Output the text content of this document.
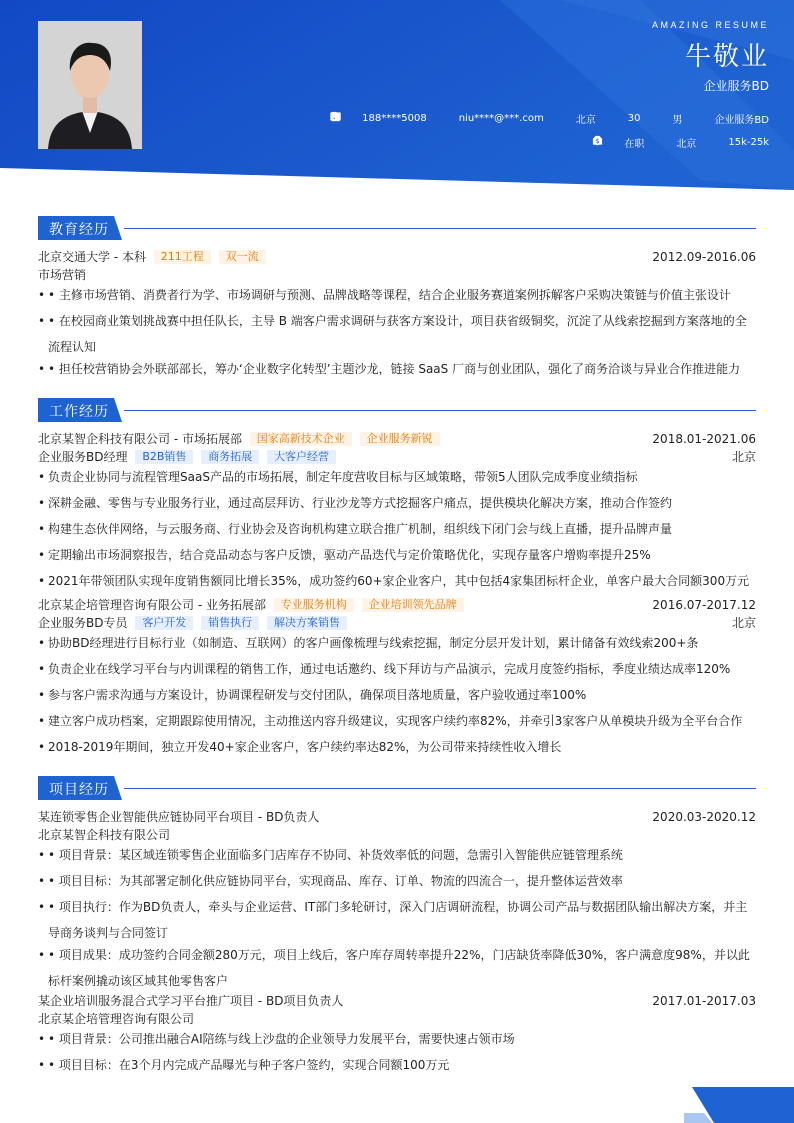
AMAZING RESUME
牛敬业
企业服务BD
188****5008	niu****@***.com	北京	30	男	企业服务BD
在职	北京
$	15k-25k
教育经历
北京交通大学 - 本科 211工程 双一流	2012.09-2016.06
市场营销
• • 主修市场营销、消费者行为学、市场调研与预测、品牌战略等课程，结合企业服务赛道案例拆解客户采购决策链与价值主张设计
• • 在校园商业策划挑战赛中担任队长，主导 B 端客户需求调研与获客方案设计，项目获省级铜奖，沉淀了从线索挖掘到方案落地的全流程认知
• • 担任校营销协会外联部部长，筹办‘企业数字化转型’主题沙龙，链接 SaaS 厂商与创业团队，强化了商务洽谈与异业合作推进能力
工作经历
北京某智企科技有限公司 - 市场拓展部 国家高新技术企业 企业服务新锐	2018.01-2021.06
企业服务BD经理 B2B销售 商务拓展 大客户经营	北京
• 负责企业协同与流程管理SaaS产品的市场拓展，制定年度营收目标与区域策略，带领5人团队完成季度业绩指标
• 深耕金融、零售与专业服务行业，通过高层拜访、行业沙龙等方式挖掘客户痛点，提供模块化解决方案，推动合作签约
• 构建生态伙伴网络，与云服务商、行业协会及咨询机构建立联合推广机制，组织线下闭门会与线上直播，提升品牌声量
• 定期输出市场洞察报告，结合竞品动态与客户反馈，驱动产品迭代与定价策略优化，实现存量客户增购率提升25%
• 2021年带领团队实现年度销售额同比增长35%，成功签约60+家企业客户，其中包括4家集团标杆企业，单客户最大合同额300万元
北京某企培管理咨询有限公司 - 业务拓展部 专业服务机构 企业培训领先品牌	2016.07-2017.12
企业服务BD专员 客户开发 销售执行 解决方案销售	北京
• 协助BD经理进行目标行业（如制造、互联网）的客户画像梳理与线索挖掘，制定分层开发计划，累计储备有效线索200+条
• 负责企业在线学习平台与内训课程的销售工作，通过电话邀约、线下拜访与产品演示，完成月度签约指标，季度业绩达成率120%
• 参与客户需求沟通与方案设计，协调课程研发与交付团队，确保项目落地质量，客户验收通过率100%
• 建立客户成功档案，定期跟踪使用情况，主动推送内容升级建议，实现客户续约率82%，并牵引3家客户从单模块升级为全平台合作
• 2018-2019年期间，独立开发40+家企业客户，客户续约率达82%，为公司带来持续性收入增长
项目经历
某连锁零售企业智能供应链协同平台项目 - BD负责人	2020.03-2020.12
北京某智企科技有限公司
• • 项目背景：某区域连锁零售企业面临多门店库存不协同、补货效率低的问题，急需引入智能供应链管理系统
• • 项目目标：为其部署定制化供应链协同平台，实现商品、库存、订单、物流的四流合一，提升整体运营效率
• • 项目执行：作为BD负责人，牵头与企业运营、IT部门多轮研讨，深入门店调研流程，协调公司产品与数据团队输出解决方案，并主导商务谈判与合同签订
• • 项目成果：成功签约合同金额280万元，项目上线后，客户库存周转率提升22%，门店缺货率降低30%，客户满意度98%，并以此标杆案例撬动该区域其他零售客户
某企业培训服务混合式学习平台推广项目 - BD项目负责人	2017.01-2017.03
北京某企培管理咨询有限公司
• • 项目背景：公司推出融合AI陪练与线上沙盘的企业领导力发展平台，需要快速占领市场
• • 项目目标：在3个月内完成产品曝光与种子客户签约，实现合同额100万元
